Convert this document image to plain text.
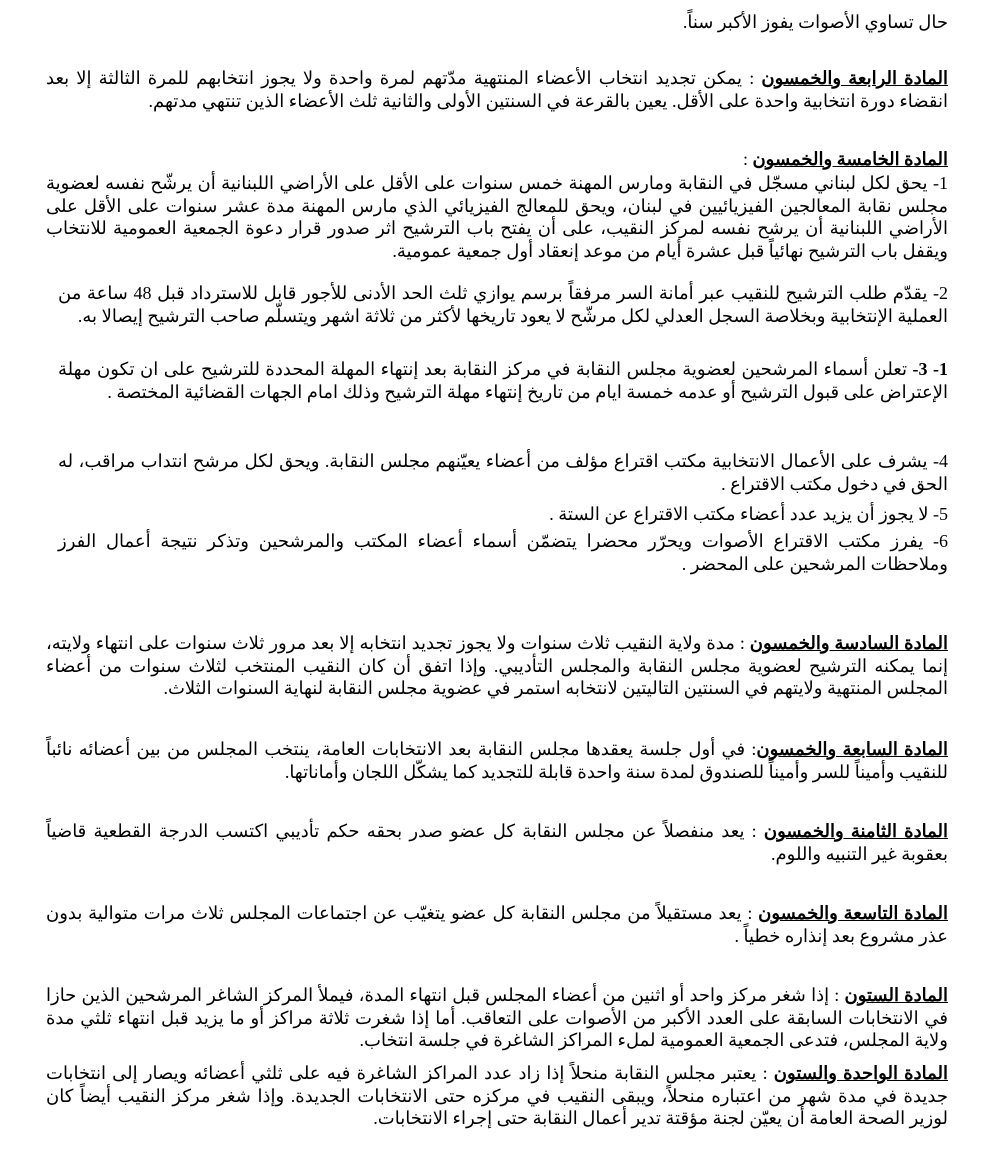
حال تساوي الأصوات يفوز الأكبر سناً.

المادة الرابعة والخمسون : يمكن تجديد انتخاب الأعضاء المنتهية مدّتهم لمرة واحدة ولا يجوز انتخابهم للمرة الثالثة إلا بعد انقضاء دورة انتخابية واحدة على الأقل. يعين بالقرعة في السنتين الأولى والثانية ثلث الأعضاء الذين تنتهي مدتهم.

المادة الخامسة والخمسون :

1- يحق لكل لبناني مسجّل في النقابة ومارس المهنة خمس سنوات على الأقل على الأراضي اللبنانية أن يرشّح نفسه لعضوية مجلس نقابة المعالجين الفيزيائيين في لبنان، ويحق للمعالج الفيزيائي الذي مارس المهنة مدة عشر سنوات على الأقل على الأراضي اللبنانية أن يرشح نفسه لمركز النقيب، على أن يفتح باب الترشيح اثر صدور قرار دعوة الجمعية العمومية للانتخاب ويقفل باب الترشيح نهائياً قبل عشرة أيام من موعد إنعقاد أول جمعية عمومية.

2- يقدّم طلب الترشيح للنقيب عبر أمانة السر مرفقاً برسم يوازي ثلث الحد الأدنى للأجور قابل للاسترداد قبل 48 ساعة من العملية الإنتخابية وبخلاصة السجل العدلي لكل مرشّح لا يعود تاريخها لأكثر من ثلاثة اشهر ويتسلّم صاحب الترشيح إيصالا به.

1- 3- تعلن أسماء المرشحين لعضوية مجلس النقابة في مركز النقابة بعد إنتهاء المهلة المحددة للترشيح على ان تكون مهلة الإعتراض على قبول الترشيح أو عدمه خمسة ايام من تاريخ إنتهاء مهلة الترشيح وذلك امام الجهات القضائية المختصة .

4- يشرف على الأعمال الانتخابية مكتب اقتراع مؤلف من أعضاء يعيّنهم مجلس النقابة. ويحق لكل مرشح انتداب مراقب، له الحق في دخول مكتب الاقتراع .

5- لا يجوز أن يزيد عدد أعضاء مكتب الاقتراع عن الستة .

6- يفرز مكتب الاقتراع الأصوات ويحرّر محضرا يتضمّن أسماء أعضاء المكتب والمرشحين وتذكر نتيجة أعمال الفرز وملاحظات المرشحين على المحضر .

المادة السادسة والخمسون : مدة ولاية النقيب ثلاث سنوات ولا يجوز تجديد انتخابه إلا بعد مرور ثلاث سنوات على انتهاء ولايته، إنما يمكنه الترشيح لعضوية مجلس النقابة والمجلس التأديبي. وإذا اتفق أن كان النقيب المنتخب لثلاث سنوات من أعضاء المجلس المنتهية ولايتهم في السنتين التاليتين لانتخابه استمر في عضوية مجلس النقابة لنهاية السنوات الثلاث.
المادة السابعة والخمسون: في أول جلسة يعقدها مجلس النقابة بعد الانتخابات العامة، ينتخب المجلس من بين أعضائه نائباً للنقيب وأميناً للسر وأميناً للصندوق لمدة سنة واحدة قابلة للتجديد كما يشكّل اللجان وأماناتها.
المادة الثامنة والخمسون : يعد منفصلاً عن مجلس النقابة كل عضو صدر بحقه حكم تأديبي اكتسب الدرجة القطعية قاضياً بعقوبة غير التنبيه واللوم.
المادة التاسعة والخمسون : يعد مستقيلاً من مجلس النقابة كل عضو يتغيّب عن اجتماعات المجلس ثلاث مرات متوالية بدون عذر مشروع بعد إنذاره خطياً .
المادة الستون : إذا شغر مركز واحد أو اثنين من أعضاء المجلس قبل انتهاء المدة، فيملأ المركز الشاغر المرشحين الذين حازا في الانتخابات السابقة على العدد الأكبر من الأصوات على التعاقب. أما إذا شغرت ثلاثة مراكز أو ما يزيد قبل انتهاء ثلثي مدة ولاية المجلس، فتدعى الجمعية العمومية لملء المراكز الشاغرة في جلسة انتخاب.
المادة الواحدة والستون : يعتبر مجلس النقابة منحلاً إذا زاد عدد المراكز الشاغرة فيه على ثلثي أعضائه ويصار إلى انتخابات جديدة في مدة شهر من اعتباره منحلاً، ويبقى النقيب في مركزه حتى الانتخابات الجديدة. وإذا شغر مركز النقيب أيضاً كان لوزير الصحة العامة أن يعيّن لجنة مؤقتة تدير أعمال النقابة حتى إجراء الانتخابات.
